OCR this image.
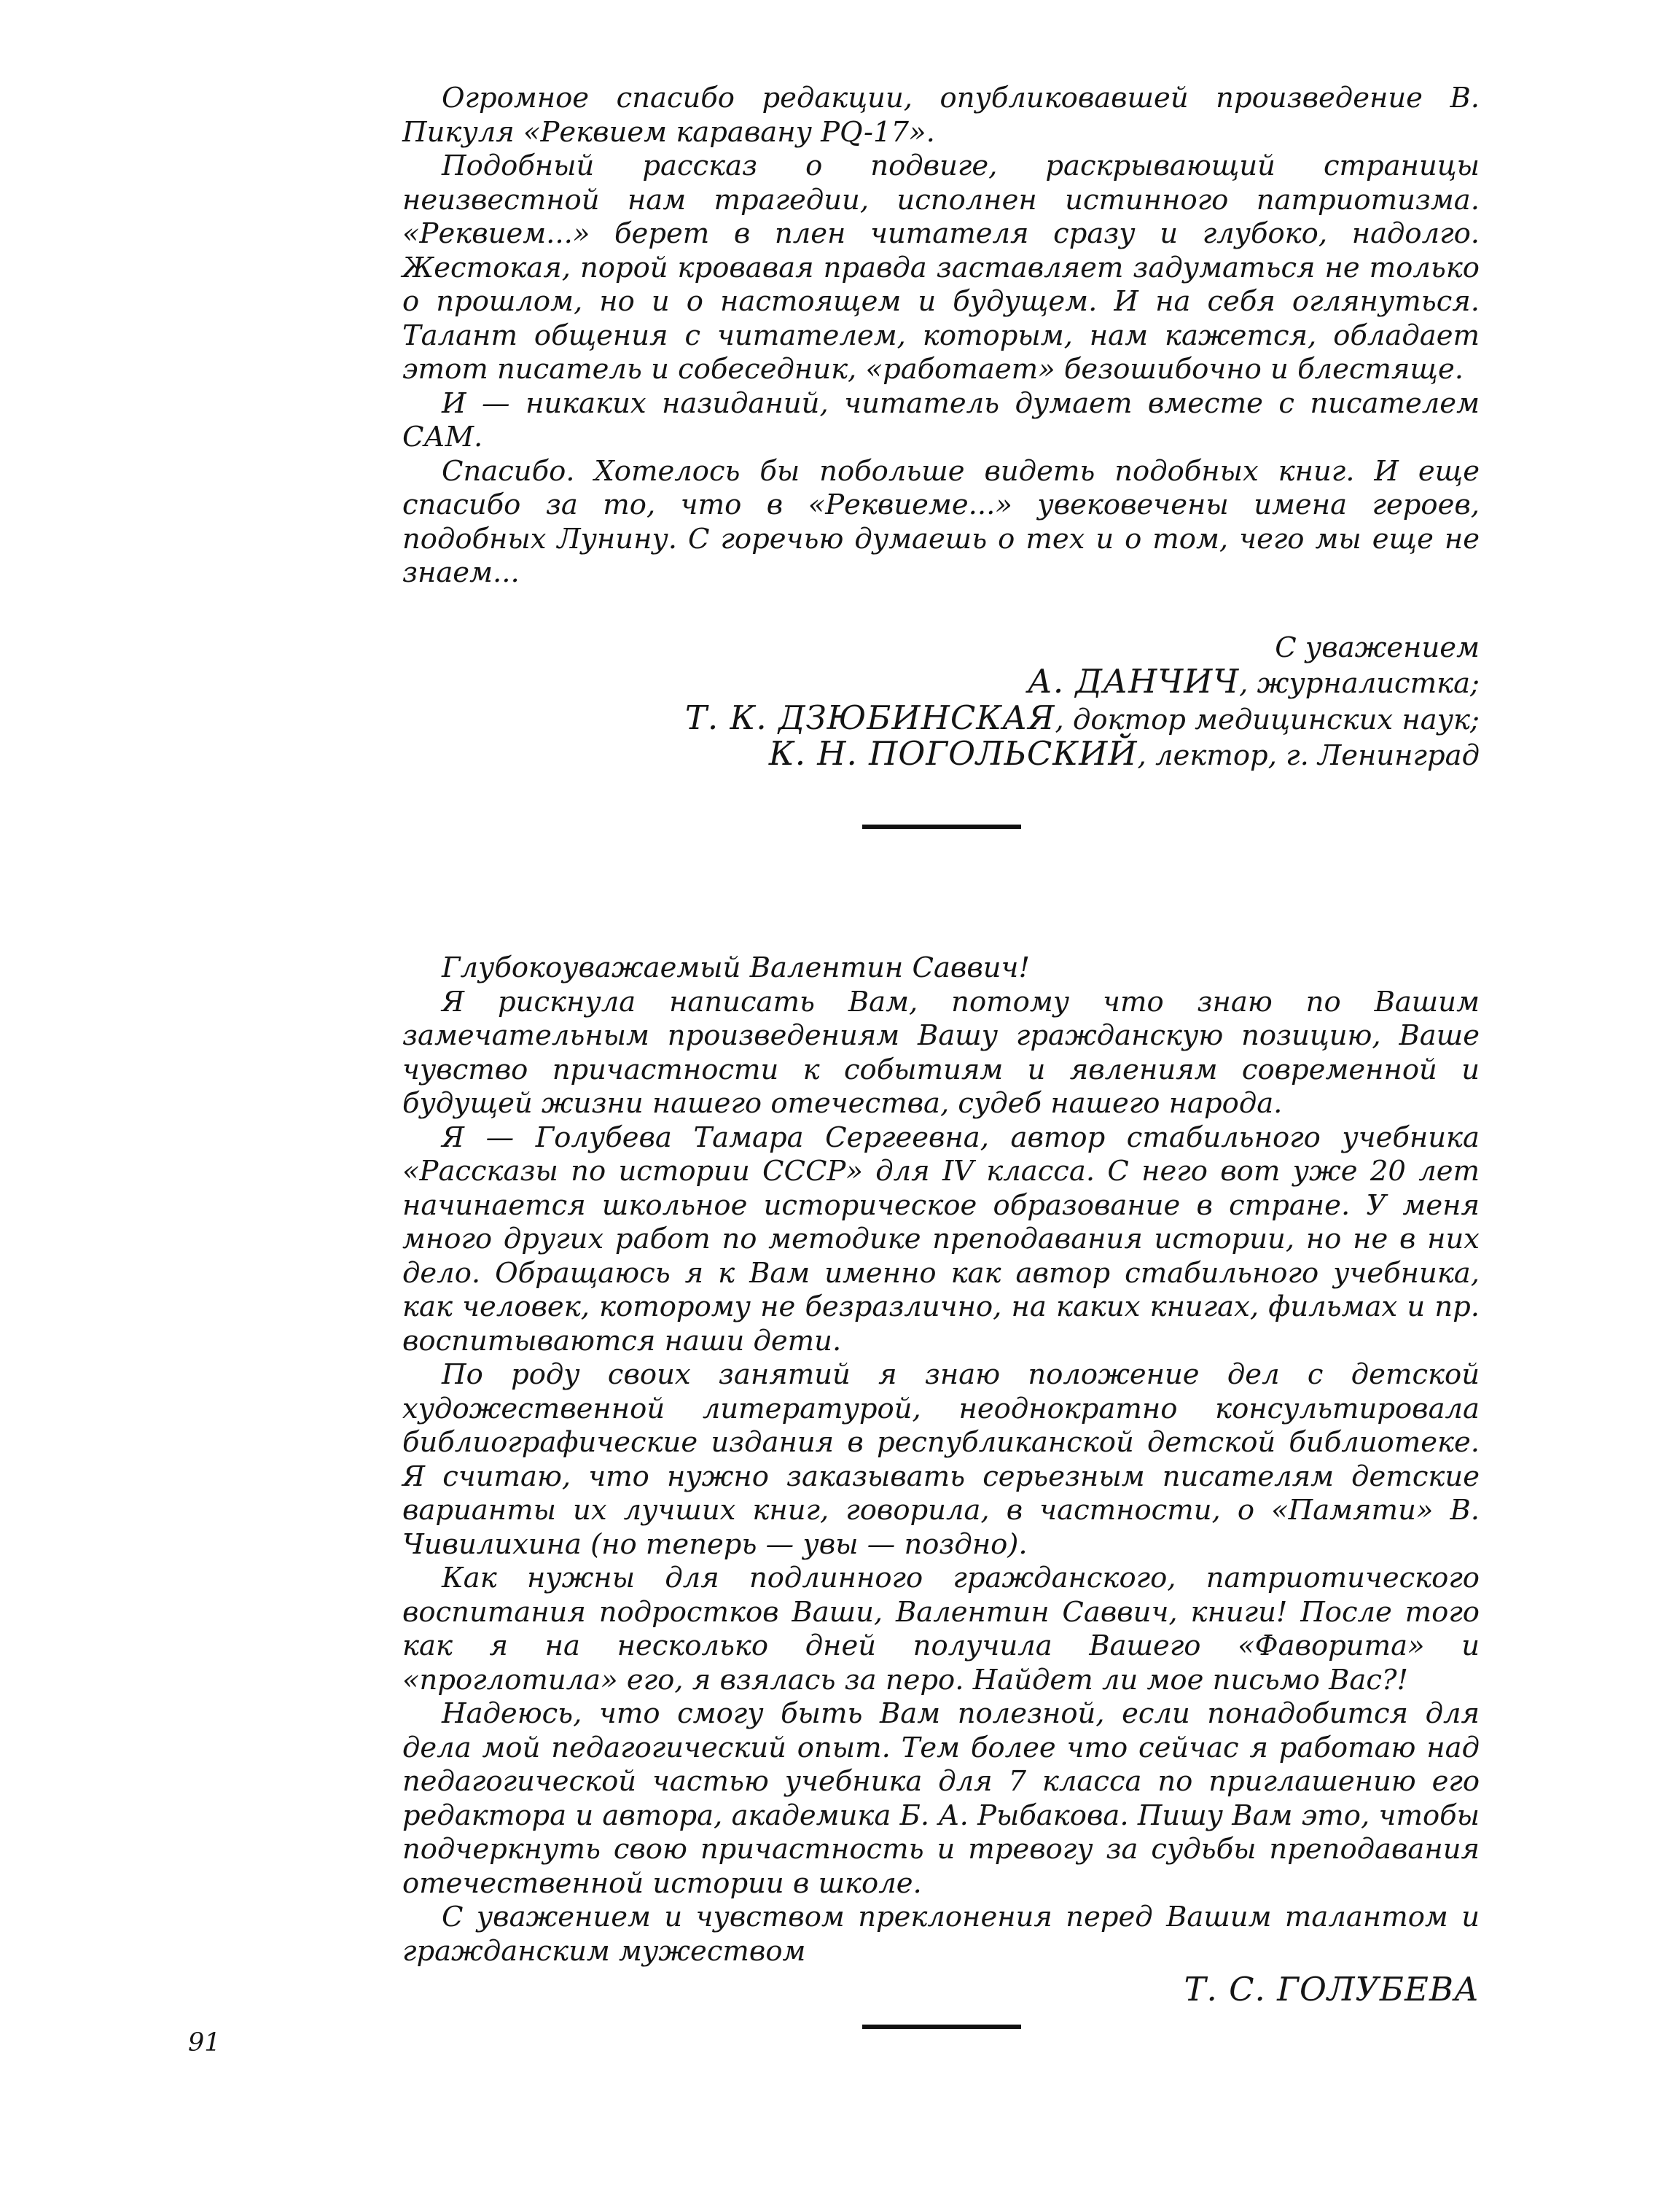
Огромное спасибо редакции, опубликовавшей произведение В. Пикуля «Реквием каравану PQ-17».

Подобный рассказ о подвиге, раскрывающий страницы неизвестной нам трагедии, исполнен истинного патриотизма. «Реквием...» берет в плен читателя сразу и глубоко, надолго. Жестокая, порой кровавая правда заставляет задуматься не только о прошлом, но и о настоящем и будущем. И на себя оглянуться. Талант общения с читателем, которым, нам кажется, обладает этот писатель и собеседник, «работает» безошибочно и блестяще.

И — никаких назиданий, читатель думает вместе с писателем САМ.

Спасибо. Хотелось бы побольше видеть подобных книг. И еще спасибо за то, что в «Реквиеме...» увековечены имена героев, подобных Лунину. С горечью думаешь о тех и о том, чего мы еще не знаем...

С уважением

А. ДАНЧИЧ, журналистка;

Т. К. ДЗЮБИНСКАЯ, доктор медицинских наук;

К. Н. ПОГОЛЬСКИЙ, лектор, г. Ленинград

Глубокоуважаемый Валентин Саввич!

Я рискнула написать Вам, потому что знаю по Вашим замечательным произведениям Вашу гражданскую позицию, Ваше чувство причастности к событиям и явлениям современной и будущей жизни нашего отечества, судеб нашего народа.

Я — Голубева Тамара Сергеевна, автор стабильного учебника «Рассказы по истории СССР» для IV класса. С него вот уже 20 лет начинается школьное историческое образование в стране. У меня много других работ по методике преподавания истории, но не в них дело. Обращаюсь я к Вам именно как автор стабильного учебника, как человек, которому не безразлично, на каких книгах, фильмах и пр. воспитываются наши дети.

По роду своих занятий я знаю положение дел с детской художественной литературой, неоднократно консультировала библиографические издания в республиканской детской библиотеке. Я считаю, что нужно заказывать серьезным писателям детские варианты их лучших книг, говорила, в частности, о «Памяти» В. Чивилихина (но теперь — увы — поздно).

Как нужны для подлинного гражданского, патриотического воспитания подростков Ваши, Валентин Саввич, книги! После того как я на несколько дней получила Вашего «Фаворита» и «проглотила» его, я взялась за перо. Найдет ли мое письмо Вас?!

Надеюсь, что смогу быть Вам полезной, если понадобится для дела мой педагогический опыт. Тем более что сейчас я работаю над педагогической частью учебника для 7 класса по приглашению его редактора и автора, академика Б. А. Рыбакова. Пишу Вам это, чтобы подчеркнуть свою причастность и тревогу за судьбы преподавания отечественной истории в школе.

С уважением и чувством преклонения перед Вашим талантом и гражданским мужеством

Т. С. ГОЛУБЕВА

91
